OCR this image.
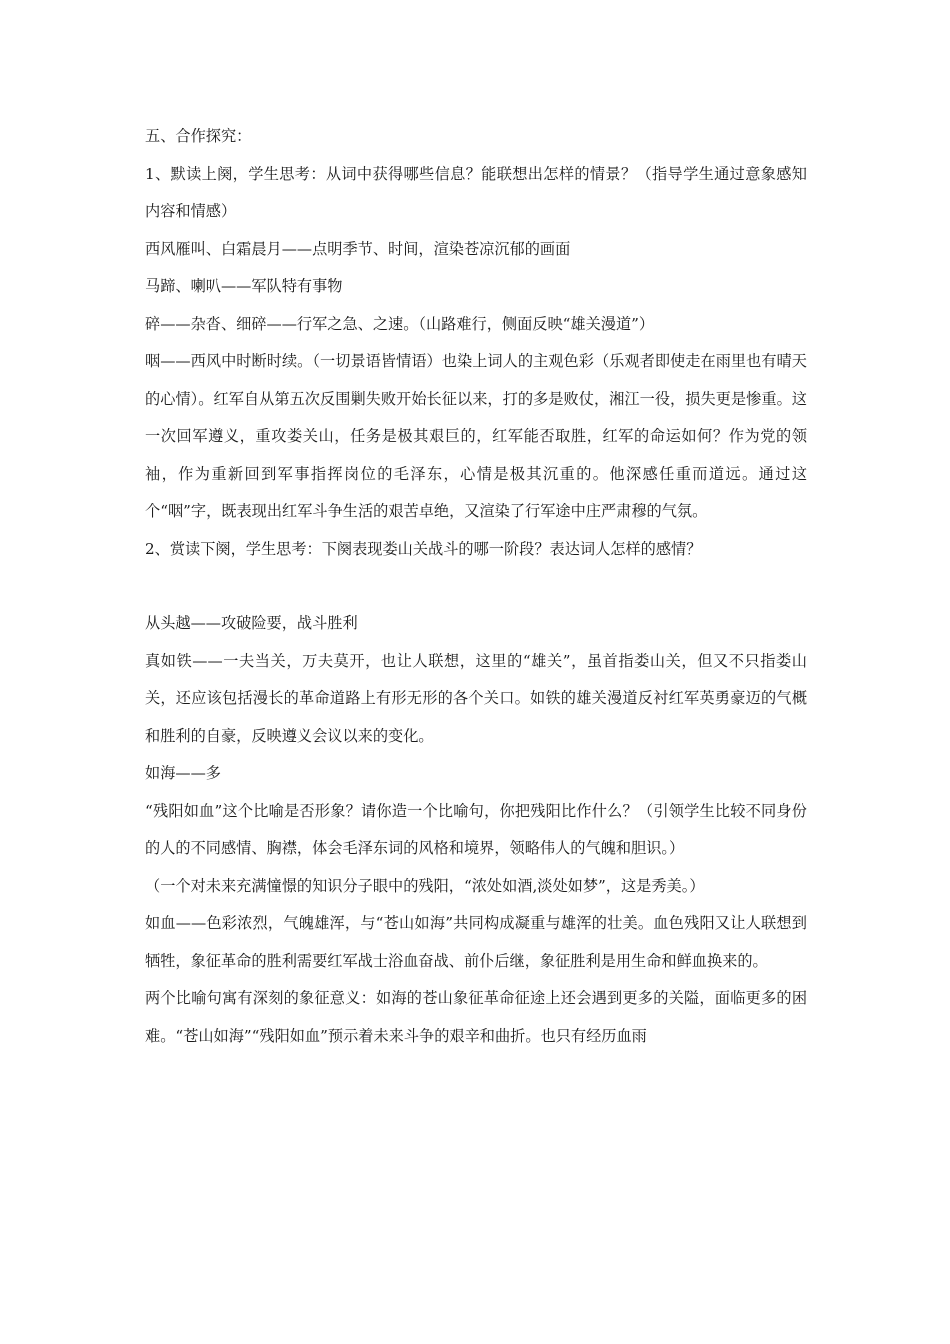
五、合作探究：

1、默读上阕，学生思考：从词中获得哪些信息？能联想出怎样的情景？（指导学生通过意象感知内容和情感）

西风雁叫、白霜晨月——点明季节、时间，渲染苍凉沉郁的画面

马蹄、喇叭——军队特有事物

碎——杂沓、细碎——行军之急、之速。（山路难行，侧面反映“雄关漫道”）

咽——西风中时断时续。（一切景语皆情语）也染上词人的主观色彩（乐观者即使走在雨里也有晴天的心情）。红军自从第五次反围剿失败开始长征以来，打的多是败仗，湘江一役，损失更是惨重。这一次回军遵义，重攻娄关山，任务是极其艰巨的，红军能否取胜，红军的命运如何？作为党的领袖，作为重新回到军事指挥岗位的毛泽东，心情是极其沉重的。他深感任重而道远。通过这个“咽”字，既表现出红军斗争生活的艰苦卓绝，又渲染了行军途中庄严肃穆的气氛。

2、赏读下阕，学生思考：下阕表现娄山关战斗的哪一阶段？表达词人怎样的感情？

从头越——攻破险要，战斗胜利

真如铁——一夫当关，万夫莫开，也让人联想，这里的“雄关”，虽首指娄山关，但又不只指娄山关，还应该包括漫长的革命道路上有形无形的各个关口。如铁的雄关漫道反衬红军英勇豪迈的气概和胜利的自豪，反映遵义会议以来的变化。

如海——多

“残阳如血”这个比喻是否形象？请你造一个比喻句，你把残阳比作什么？（引领学生比较不同身份的人的不同感情、胸襟，体会毛泽东词的风格和境界，领略伟人的气魄和胆识。）

（一个对未来充满憧憬的知识分子眼中的残阳，“浓处如酒,淡处如梦”，这是秀美。）

如血——色彩浓烈，气魄雄浑，与“苍山如海”共同构成凝重与雄浑的壮美。血色残阳又让人联想到牺牲，象征革命的胜利需要红军战士浴血奋战、前仆后继，象征胜利是用生命和鲜血换来的。

两个比喻句寓有深刻的象征意义：如海的苍山象征革命征途上还会遇到更多的关隘，面临更多的困难。“苍山如海”“残阳如血”预示着未来斗争的艰辛和曲折。也只有经历血雨
